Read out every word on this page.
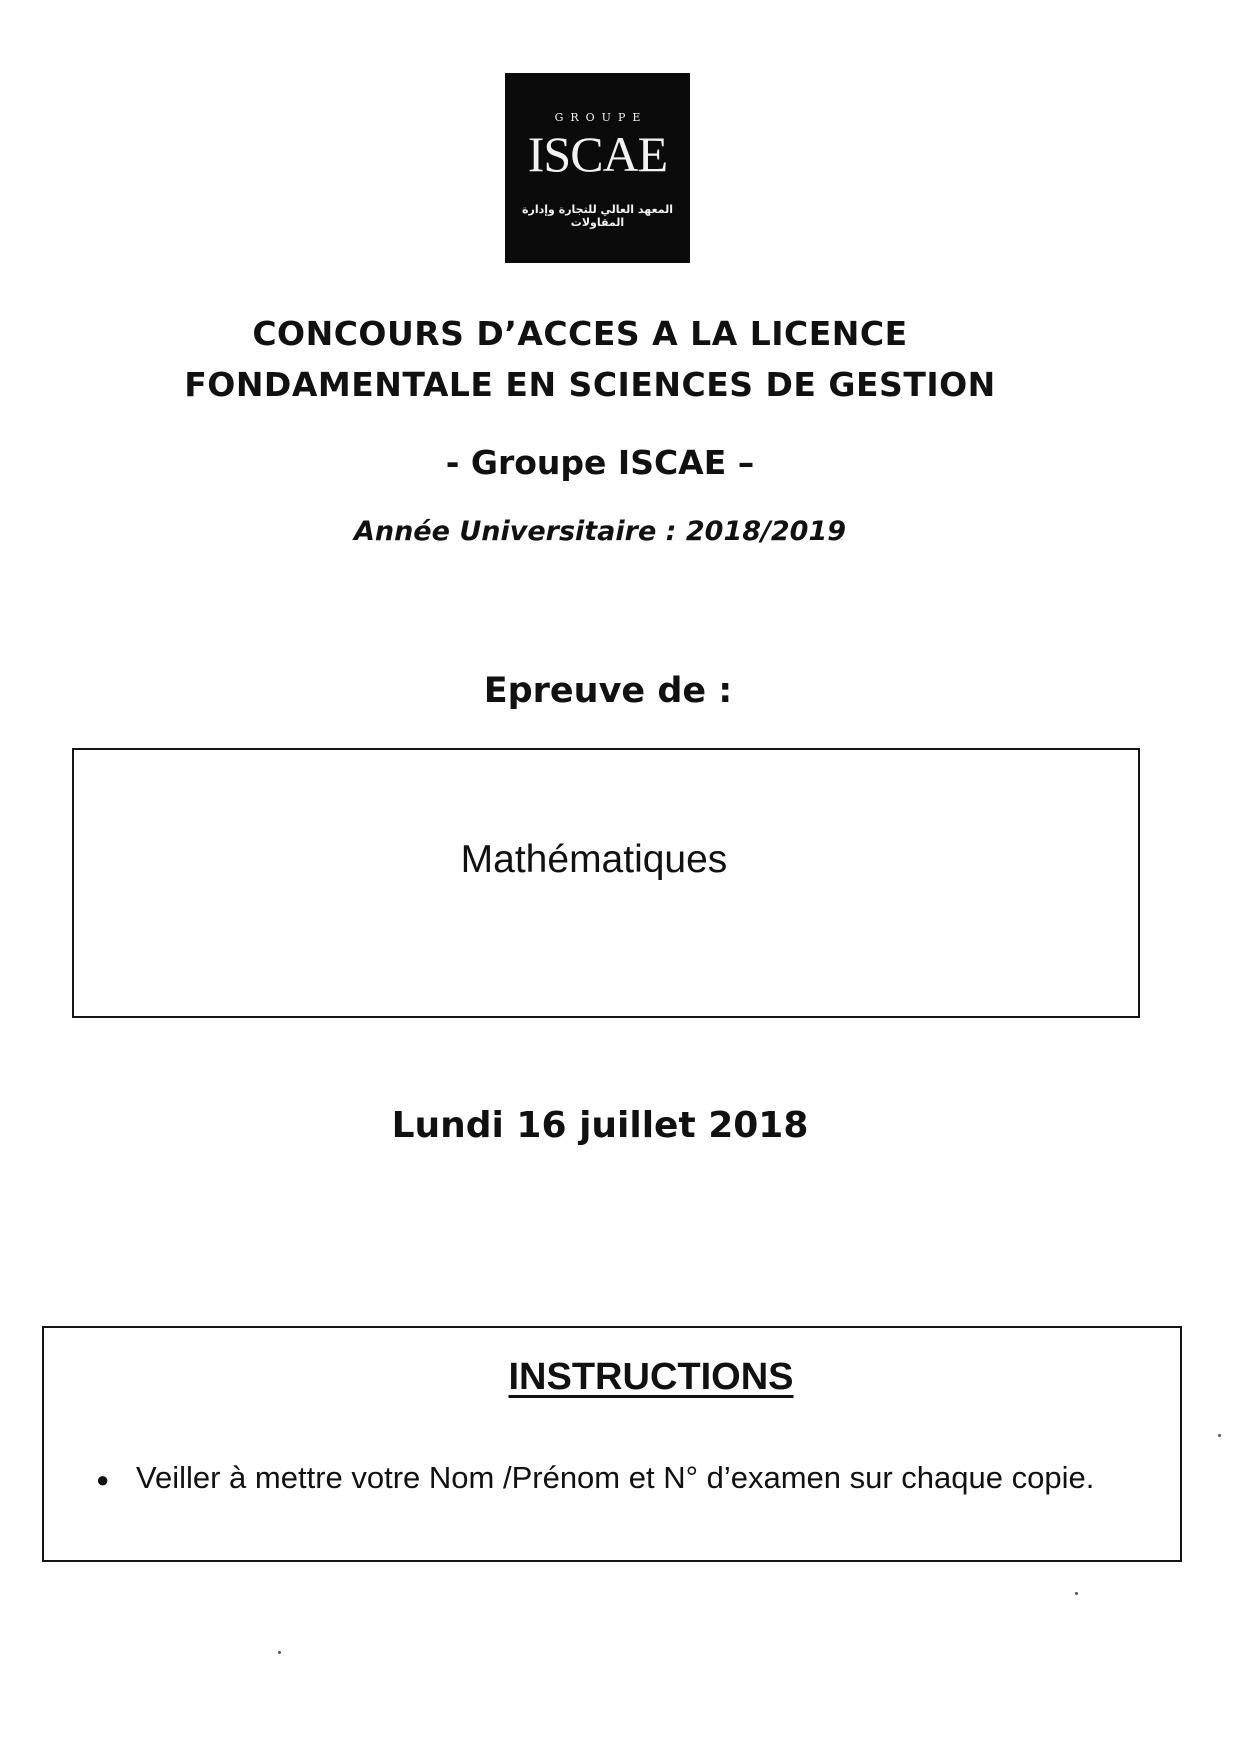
GROUPE
ISCAE
المعهد العالي للتجارة وإدارة المقاولات
CONCOURS D’ACCES A LA LICENCE
FONDAMENTALE EN SCIENCES DE GESTION
- Groupe ISCAE –
Année Universitaire : 2018/2019
Epreuve de :
Mathématiques
Lundi 16 juillet 2018
INSTRUCTIONS
● Veiller à mettre votre Nom /Prénom et N° d’examen sur chaque copie.
